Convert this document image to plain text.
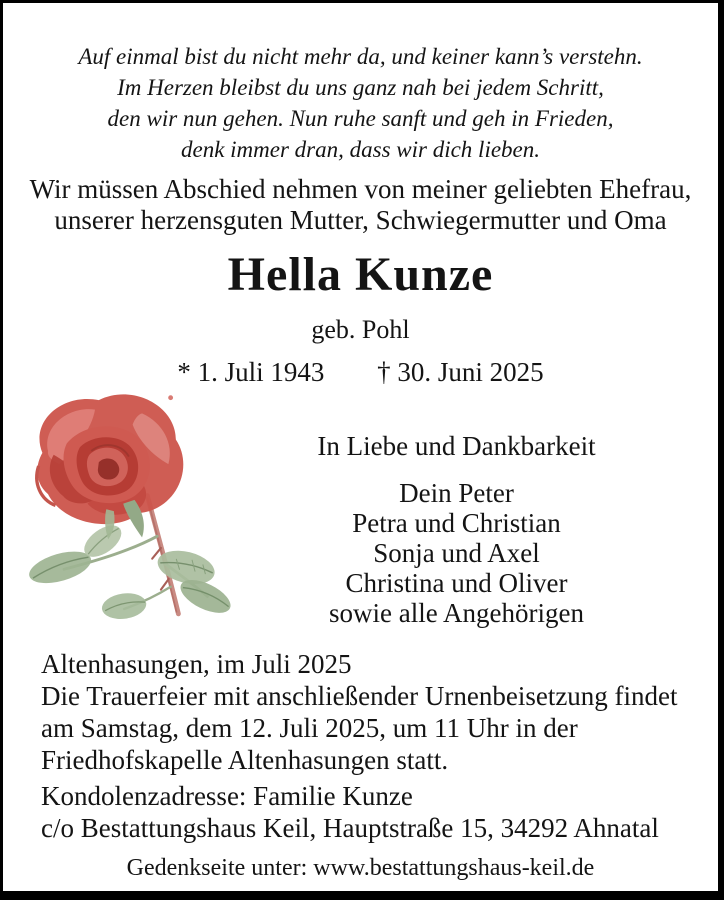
Auf einmal bist du nicht mehr da, und keiner kann’s verstehn.
Im Herzen bleibst du uns ganz nah bei jedem Schritt,
den wir nun gehen. Nun ruhe sanft und geh in Frieden,
denk immer dran, dass wir dich lieben.
Wir müssen Abschied nehmen von meiner geliebten Ehefrau,
unserer herzensguten Mutter, Schwiegermutter und Oma
Hella Kunze
geb. Pohl
* 1. Juli 1943 † 30. Juni 2025
In Liebe und Dankbarkeit
Dein Peter
Petra und Christian
Sonja und Axel
Christina und Oliver
sowie alle Angehörigen
Altenhasungen, im Juli 2025
Die Trauerfeier mit anschließender Urnenbeisetzung findet
am Samstag, dem 12. Juli 2025, um 11 Uhr in der
Friedhofskapelle Altenhasungen statt.
Kondolenzadresse: Familie Kunze
c/o Bestattungshaus Keil, Hauptstraße 15, 34292 Ahnatal
Gedenkseite unter: www.bestattungshaus-keil.de
